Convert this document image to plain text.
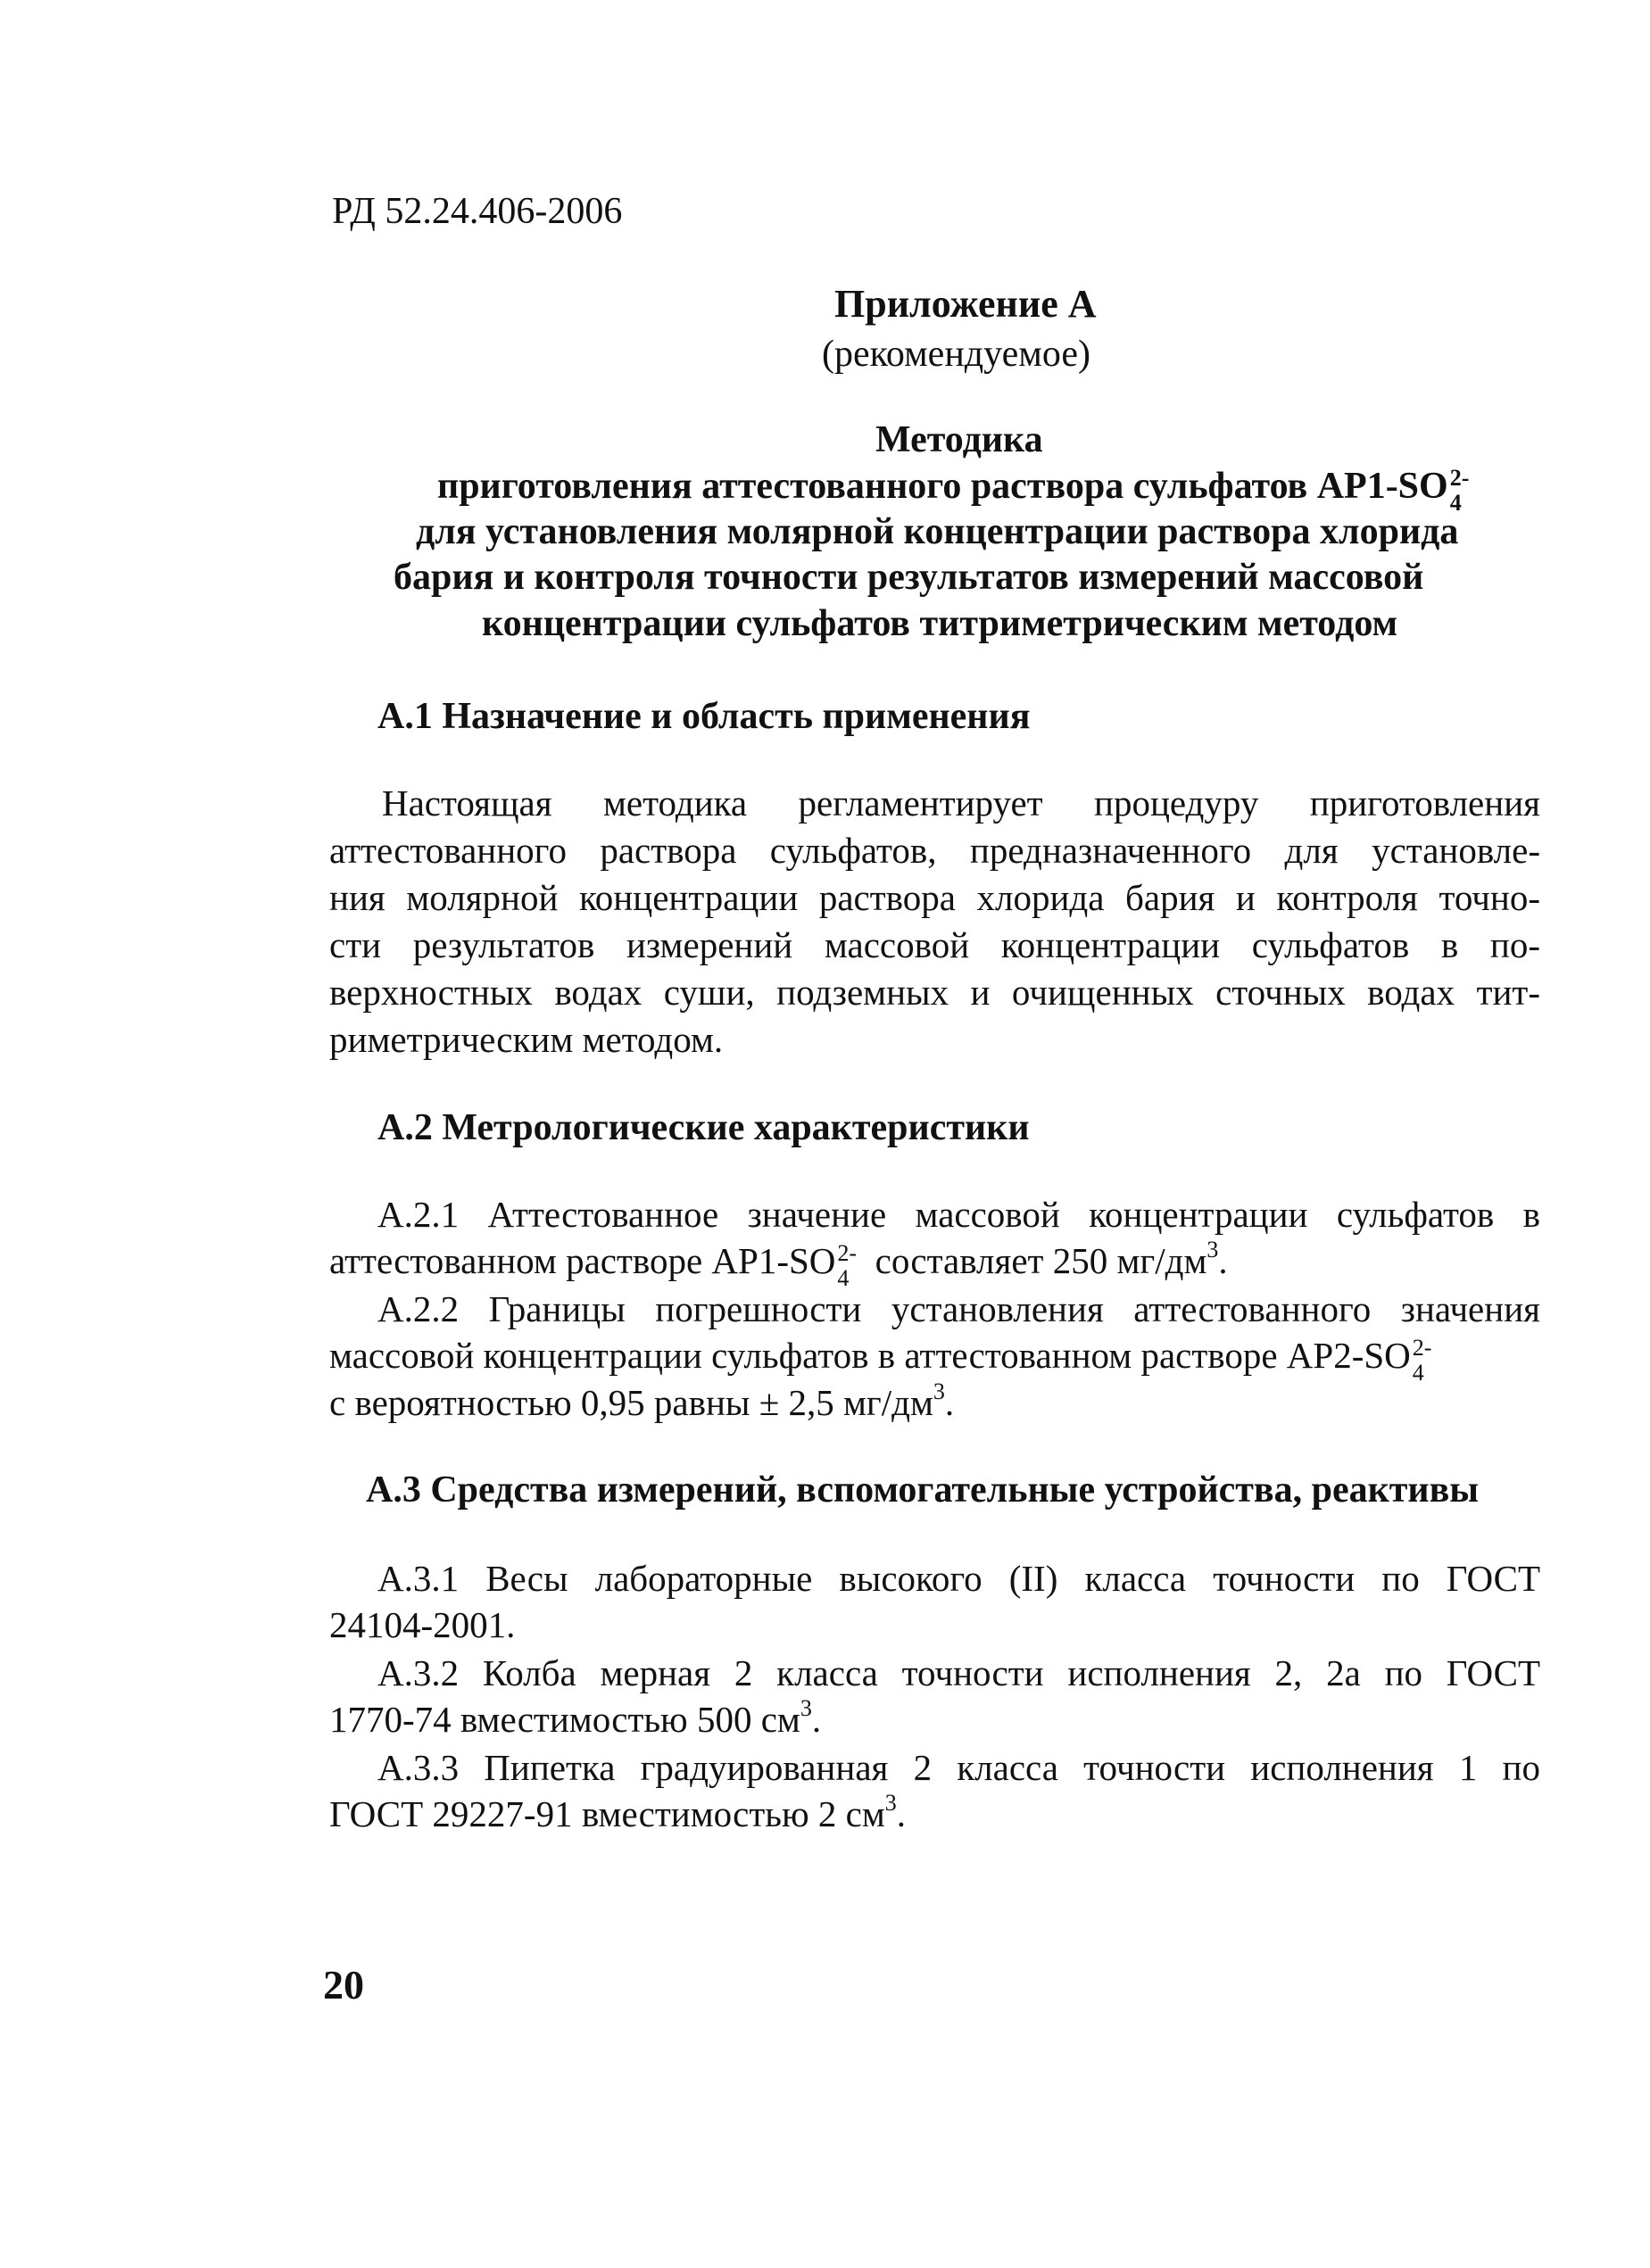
РД 52.24.406-2006
Приложение А
(рекомендуемое)
Методика
приготовления аттестованного раствора сульфатов АР1-SO 2-
4
для установления молярной концентрации раствора хлорида
бария и контроля точности результатов измерений массовой
концентрации сульфатов титриметрическим методом
А.1 Назначение и область применения
Настоящая методика регламентирует процедуру приготовления
аттестованного раствора сульфатов, предназначенного для установле-
ния молярной концентрации раствора хлорида бария и контроля точно-
сти результатов измерений массовой концентрации сульфатов в по-
верхностных водах суши, подземных и очищенных сточных водах тит-
риметрическим методом.
А.2 Метрологические характеристики
А.2.1 Аттестованное значение массовой концентрации сульфатов в
аттестованном растворе АР1-SO 2-
4 составляет 250 $мг/дм^3$.
А.2.2 Границы погрешности установления аттестованного значения
массовой концентрации сульфатов в аттестованном растворе АР2-SO 2-
4
с вероятностью 0,95 равны ± 2,5 $мг/дм^3$.
А.3 Средства измерений, вспомогательные устройства, реактивы
А.3.1 Весы лабораторные высокого (II) класса точности по ГОСТ
24104-2001.
А.3.2 Колба мерная 2 класса точности исполнения 2, 2а по ГОСТ
1770-74 вместимостью 500 $см^3$.
А.3.3 Пипетка градуированная 2 класса точности исполнения 1 по
ГОСТ 29227-91 вместимостью 2 $см^3$.
20
